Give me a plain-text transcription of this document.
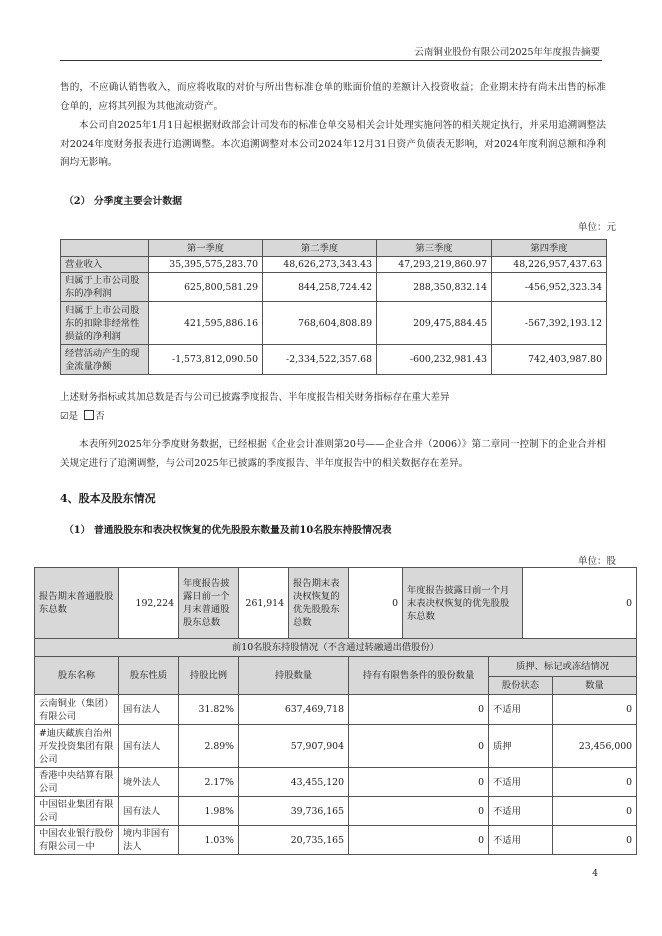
云南铜业股份有限公司2025年年度报告摘要
售的，不应确认销售收入，而应将收取的对价与所出售标准仓单的账面价值的差额计入投资收益；企业期末持有尚未出售的标准仓单的，应将其列报为其他流动资产。
本公司自2025年1月1日起根据财政部会计司发布的标准仓单交易相关会计处理实施问答的相关规定执行，并采用追溯调整法对2024年度财务报表进行追溯调整。本次追溯调整对本公司2024年12月31日资产负债表无影响，对2024年度利润总额和净利润均无影响。
（2） 分季度主要会计数据
单位：元
	第一季度	第二季度	第三季度	第四季度
营业收入	35,395,575,283.70	48,626,273,343.43	47,293,219,860.97	48,226,957,437.63
归属于上市公司股东的净利润	625,800,581.29	844,258,724.42	288,350,832.14	-456,952,323.34
归属于上市公司股东的扣除非经常性损益的净利润	421,595,886.16	768,604,808.89	209,475,884.45	-567,392,193.12
经营活动产生的现金流量净额	-1,573,812,090.50	-2,334,522,357.68	-600,232,981.43	742,403,987.80
上述财务指标或其加总数是否与公司已披露季度报告、半年度报告相关财务指标存在重大差异
☑是 否
本表所列2025年分季度财务数据，已经根据《企业会计准则第20号——企业合并（2006）》第二章同一控制下的企业合并相关规定进行了追溯调整，与公司2025年已披露的季度报告、半年度报告中的相关数据存在差异。
4、股本及股东情况
（1） 普通股股东和表决权恢复的优先股股东数量及前10名股东持股情况表
单位：股
报告期末普通股股东总数	192,224	年度报告披露日前一个月末普通股股东总数	261,914	报告期末表决权恢复的优先股股东总数	0	年度报告披露日前一个月末表决权恢复的优先股股东总数	0
前10名股东持股情况（不含通过转融通出借股份）						
股东名称	股东性质	持股比例	持股数量	持有有限售条件的股份数量	质押、标记或冻结情况	
					股份状态	数量
云南铜业（集团）有限公司	国有法人	31.82%	637,469,718	0	不适用	0
#迪庆藏族自治州开发投资集团有限公司	国有法人	2.89%	57,907,904	0	质押	23,456,000
香港中央结算有限公司	境外法人	2.17%	43,455,120	0	不适用	0
中国铝业集团有限公司	国有法人	1.98%	39,736,165	0	不适用	0
中国农业银行股份有限公司－中	境内非国有法人	1.03%	20,735,165	0	不适用	0
4
